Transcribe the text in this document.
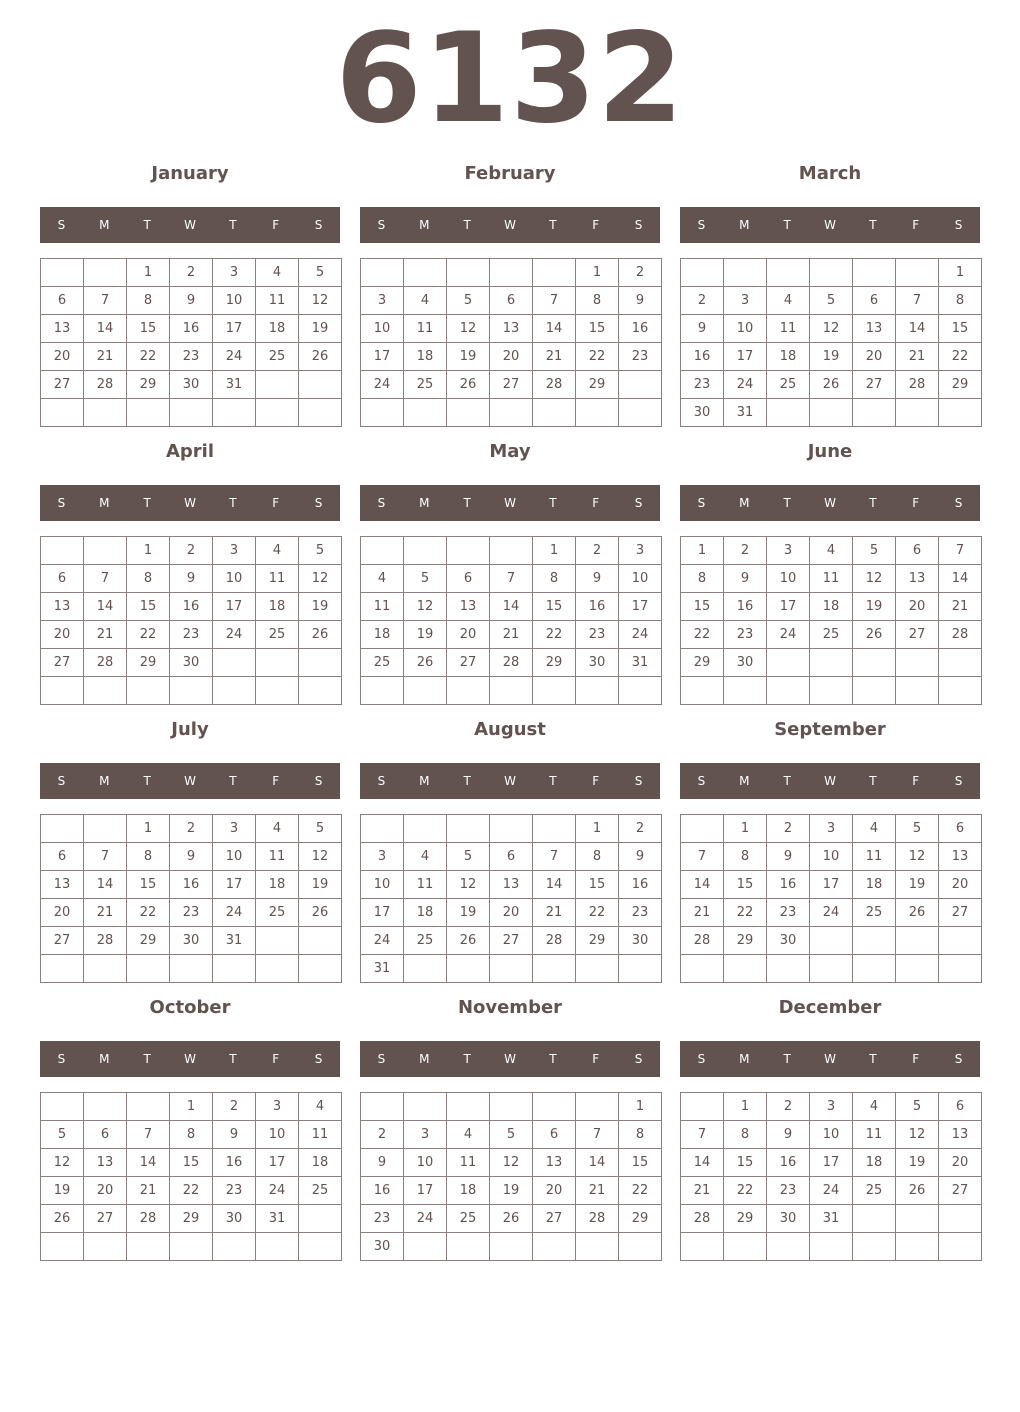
6132
January
S	M	T	W	T	F	S
		1	2	3	4	5
6	7	8	9	10	11	12
13	14	15	16	17	18	19
20	21	22	23	24	25	26
27	28	29	30	31		

February
S	M	T	W	T	F	S
					1	2
3	4	5	6	7	8	9
10	11	12	13	14	15	16
17	18	19	20	21	22	23
24	25	26	27	28	29	

March
S	M	T	W	T	F	S
						1
2	3	4	5	6	7	8
9	10	11	12	13	14	15
16	17	18	19	20	21	22
23	24	25	26	27	28	29
30	31					
April
S	M	T	W	T	F	S
		1	2	3	4	5
6	7	8	9	10	11	12
13	14	15	16	17	18	19
20	21	22	23	24	25	26
27	28	29	30			

May
S	M	T	W	T	F	S
				1	2	3
4	5	6	7	8	9	10
11	12	13	14	15	16	17
18	19	20	21	22	23	24
25	26	27	28	29	30	31

June
S	M	T	W	T	F	S
1	2	3	4	5	6	7
8	9	10	11	12	13	14
15	16	17	18	19	20	21
22	23	24	25	26	27	28
29	30					

July
S	M	T	W	T	F	S
		1	2	3	4	5
6	7	8	9	10	11	12
13	14	15	16	17	18	19
20	21	22	23	24	25	26
27	28	29	30	31		

August
S	M	T	W	T	F	S
					1	2
3	4	5	6	7	8	9
10	11	12	13	14	15	16
17	18	19	20	21	22	23
24	25	26	27	28	29	30
31						
September
S	M	T	W	T	F	S
	1	2	3	4	5	6
7	8	9	10	11	12	13
14	15	16	17	18	19	20
21	22	23	24	25	26	27
28	29	30				

October
S	M	T	W	T	F	S
			1	2	3	4
5	6	7	8	9	10	11
12	13	14	15	16	17	18
19	20	21	22	23	24	25
26	27	28	29	30	31	

November
S	M	T	W	T	F	S
						1
2	3	4	5	6	7	8
9	10	11	12	13	14	15
16	17	18	19	20	21	22
23	24	25	26	27	28	29
30						
December
S	M	T	W	T	F	S
	1	2	3	4	5	6
7	8	9	10	11	12	13
14	15	16	17	18	19	20
21	22	23	24	25	26	27
28	29	30	31			
